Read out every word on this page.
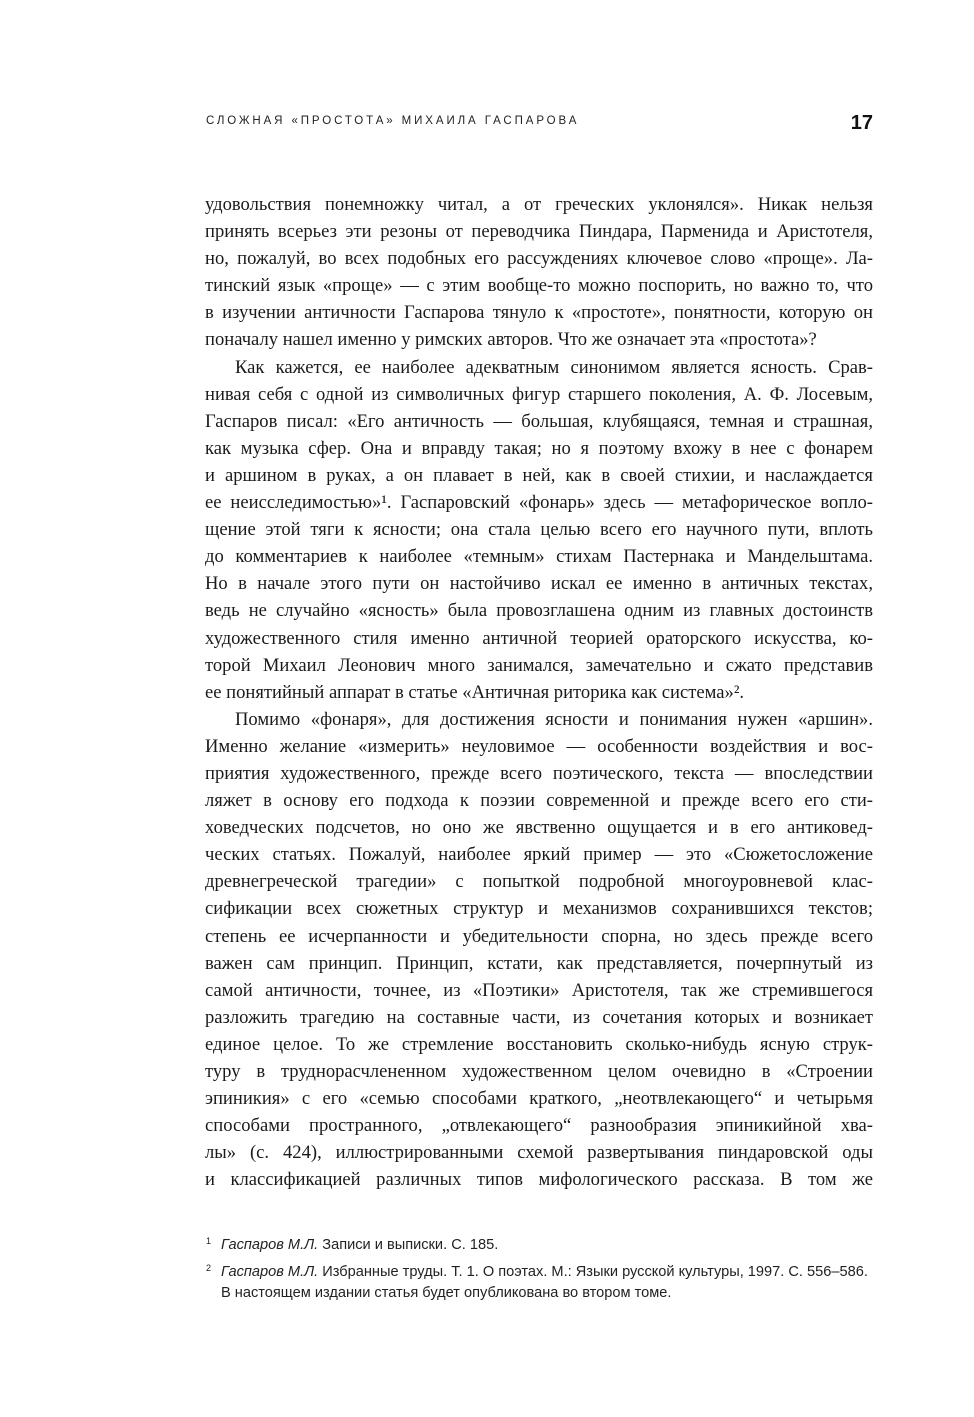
СЛОЖНАЯ «ПРОСТОТА» МИХАИЛА ГАСПАРОВА	17
удовольствия понемножку читал, а от греческих уклонялся». Никак нельзя
принять всерьез эти резоны от переводчика Пиндара, Парменида и Аристотеля,
но, пожалуй, во всех подобных его рассуждениях ключевое слово «проще». Ла-
тинский язык «проще» — с этим вообще-то можно поспорить, но важно то, что
в изучении античности Гаспарова тянуло к «простоте», понятности, которую он
поначалу нашел именно у римских авторов. Что же означает эта «простота»?
Как кажется, ее наиболее адекватным синонимом является ясность. Срав-
нивая себя с одной из символичных фигур старшего поколения, А. Ф. Лосевым,
Гаспаров писал: «Его античность — большая, клубящаяся, темная и страшная,
как музыка сфер. Она и вправду такая; но я поэтому вхожу в нее с фонарем
и аршином в руках, а он плавает в ней, как в своей стихии, и наслаждается
ее неисследимостью»¹. Гаспаровский «фонарь» здесь — метафорическое вопло-
щение этой тяги к ясности; она стала целью всего его научного пути, вплоть
до комментариев к наиболее «темным» стихам Пастернака и Мандельштама.
Но в начале этого пути он настойчиво искал ее именно в античных текстах,
ведь не случайно «ясность» была провозглашена одним из главных достоинств
художественного стиля именно античной теорией ораторского искусства, ко-
торой Михаил Леонович много занимался, замечательно и сжато представив
ее понятийный аппарат в статье «Античная риторика как система»².
Помимо «фонаря», для достижения ясности и понимания нужен «аршин».
Именно желание «измерить» неуловимое — особенности воздействия и вос-
приятия художественного, прежде всего поэтического, текста — впоследствии
ляжет в основу его подхода к поэзии современной и прежде всего его сти-
ховедческих подсчетов, но оно же явственно ощущается и в его антиковед-
ческих статьях. Пожалуй, наиболее яркий пример — это «Сюжетосложение
древнегреческой трагедии» с попыткой подробной многоуровневой клас-
сификации всех сюжетных структур и механизмов сохранившихся текстов;
степень ее исчерпанности и убедительности спорна, но здесь прежде всего
важен сам принцип. Принцип, кстати, как представляется, почерпнутый из
самой античности, точнее, из «Поэтики» Аристотеля, так же стремившегося
разложить трагедию на составные части, из сочетания которых и возникает
единое целое. То же стремление восстановить сколько-нибудь ясную струк-
туру в труднорасчлененном художественном целом очевидно в «Строении
эпиникия» с его «семью способами краткого, „неотвлекающего“ и четырьмя
способами пространного, „отвлекающего“ разнообразия эпиникийной хва-
лы» (с. 424), иллюстрированными схемой развертывания пиндаровской оды
и классификацией различных типов мифологического рассказа. В том же
1 Гаспаров М.Л. Записи и выписки. С. 185.
2 Гаспаров М.Л. Избранные труды. Т. 1. О поэтах. М.: Языки русской культуры, 1997. С. 556–586. В настоящем издании статья будет опубликована во втором томе.
